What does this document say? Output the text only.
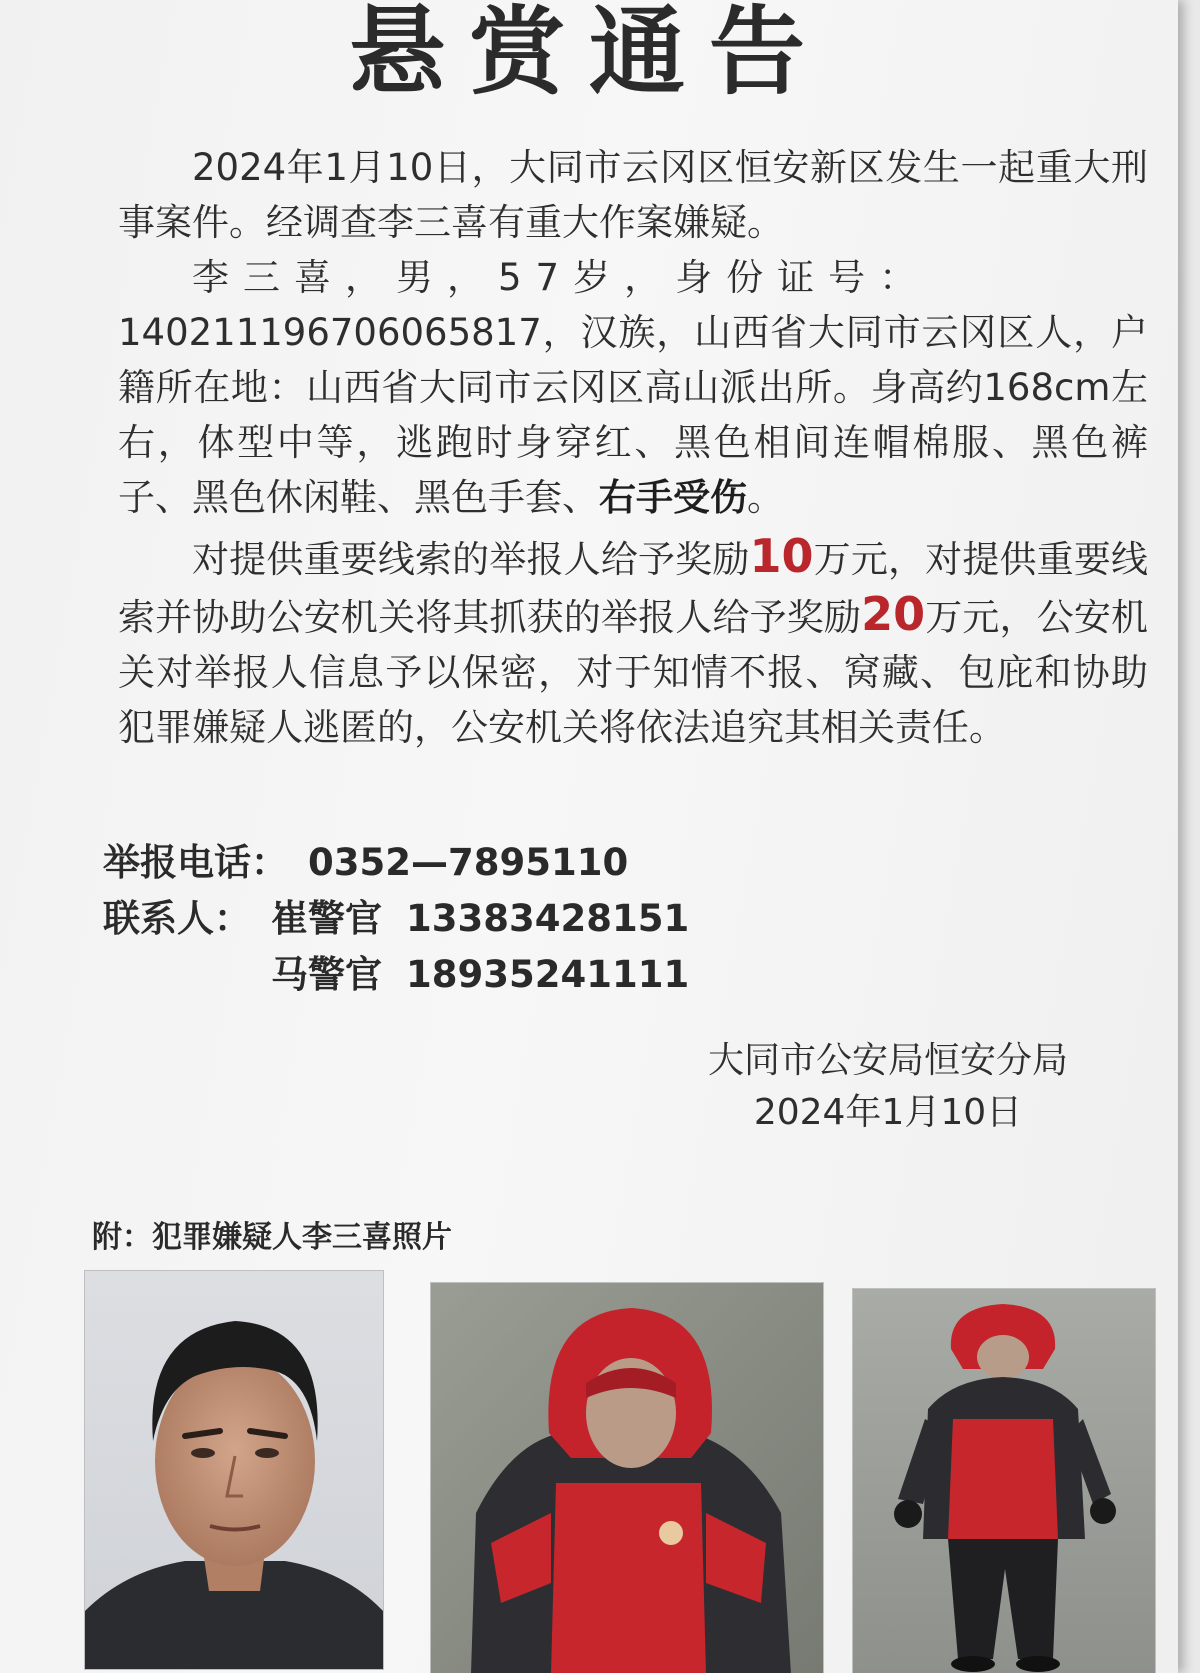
悬赏通告

2024年1月10日，大同市云冈区恒安新区发生一起重大刑事案件。经调查李三喜有重大作案嫌疑。

李三喜，男，57岁，身份证号：

140211196706065817，汉族，山西省大同市云冈区人，户籍所在地：山西省大同市云冈区高山派出所。身高约168cm左右，体型中等，逃跑时身穿红、黑色相间连帽棉服、黑色裤子、黑色休闲鞋、黑色手套、右手受伤。

对提供重要线索的举报人给予奖励10万元，对提供重要线索并协助公安机关将其抓获的举报人给予奖励20万元，公安机关对举报人信息予以保密，对于知情不报、窝藏、包庇和协助犯罪嫌疑人逃匿的，公安机关将依法追究其相关责任。

举报电话： 0352—7895110
联系人： 崔警官 13383428151
马警官 18935241111
大同市公安局恒安分局
2024年1月10日
附：犯罪嫌疑人李三喜照片
